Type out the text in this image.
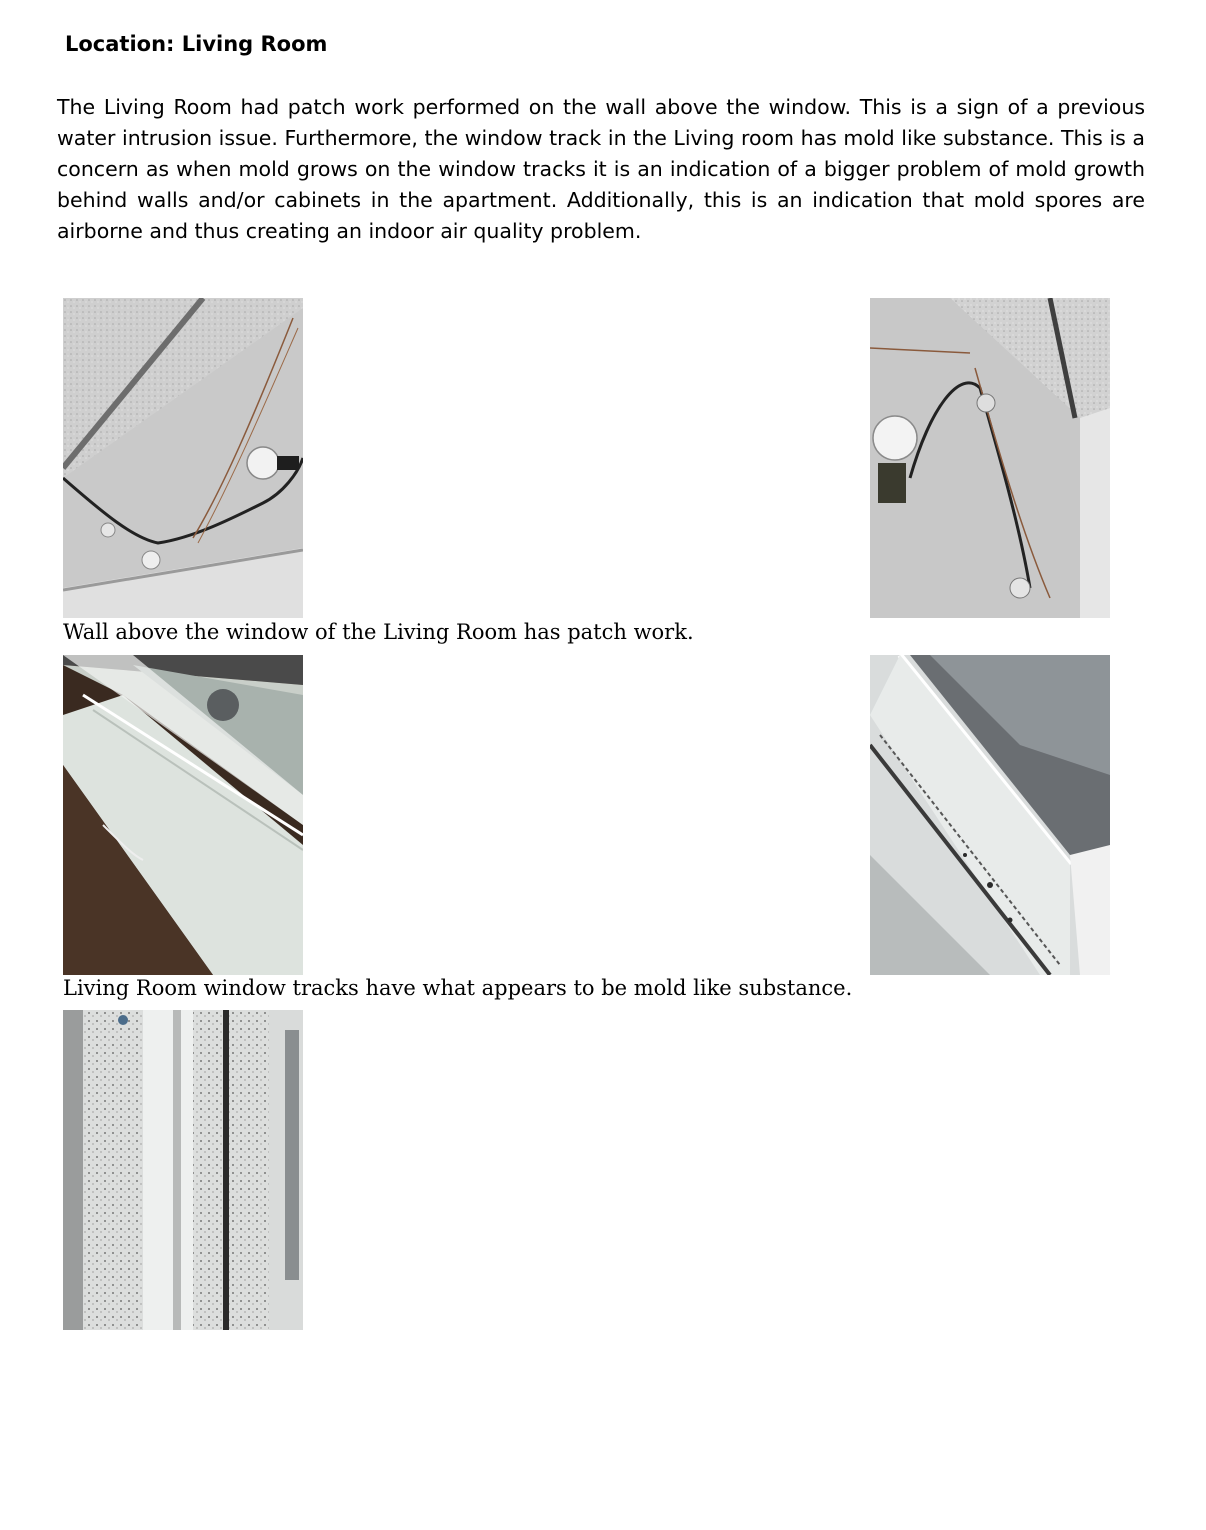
Location: Living Room

The Living Room had patch work performed on the wall above the window. This is a sign of a previous water intrusion issue. Furthermore, the window track in the Living room has mold like substance. This is a concern as when mold grows on the window tracks it is an indication of a bigger problem of mold growth behind walls and/or cabinets in the apartment. Additionally, this is an indication that mold spores are airborne and thus creating an indoor air quality problem.

Wall above the window of the Living Room has patch work.

Living Room window tracks have what appears to be mold like substance.
